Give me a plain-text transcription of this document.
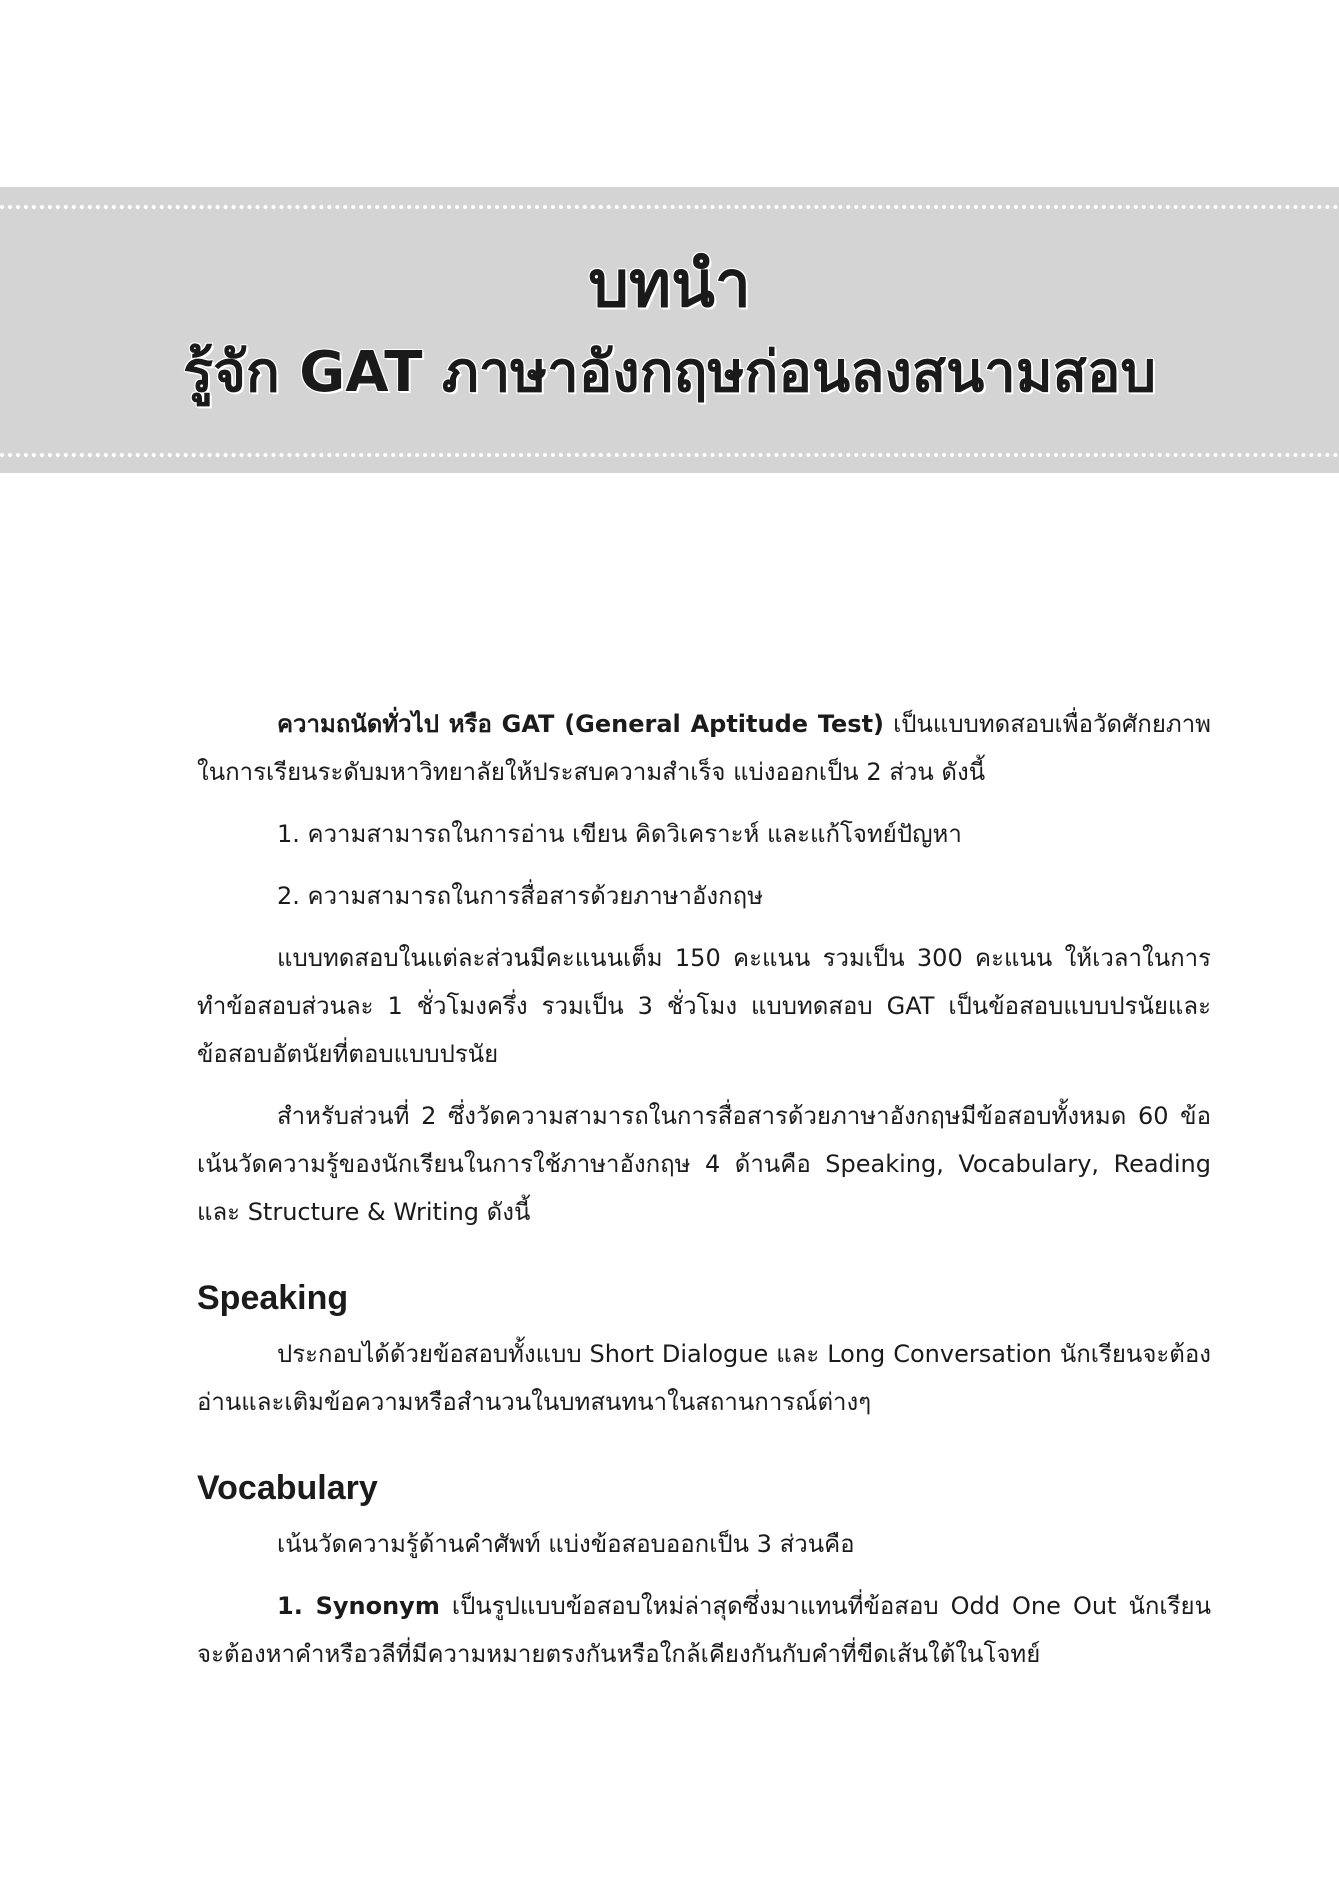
บทนำ
รู้จัก GAT ภาษาอังกฤษก่อนลงสนามสอบ

ความถนัดทั่วไป หรือ GAT (General Aptitude Test) เป็นแบบทดสอบเพื่อวัดศักยภาพในการเรียนระดับมหาวิทยาลัยให้ประสบความสำเร็จ แบ่งออกเป็น 2 ส่วน ดังนี้

1. ความสามารถในการอ่าน เขียน คิดวิเคราะห์ และแก้โจทย์ปัญหา
2. ความสามารถในการสื่อสารด้วยภาษาอังกฤษ

แบบทดสอบในแต่ละส่วนมีคะแนนเต็ม 150 คะแนน รวมเป็น 300 คะแนน ให้เวลาในการทำข้อสอบส่วนละ 1 ชั่วโมงครึ่ง รวมเป็น 3 ชั่วโมง แบบทดสอบ GAT เป็นข้อสอบแบบปรนัยและข้อสอบอัตนัยที่ตอบแบบปรนัย

สำหรับส่วนที่ 2 ซึ่งวัดความสามารถในการสื่อสารด้วยภาษาอังกฤษมีข้อสอบทั้งหมด 60 ข้อ เน้นวัดความรู้ของนักเรียนในการใช้ภาษาอังกฤษ 4 ด้านคือ Speaking, Vocabulary, Reading และ Structure & Writing ดังนี้

Speaking

ประกอบได้ด้วยข้อสอบทั้งแบบ Short Dialogue และ Long Conversation นักเรียนจะต้องอ่านและเติมข้อความหรือสำนวนในบทสนทนาในสถานการณ์ต่างๆ

Vocabulary

เน้นวัดความรู้ด้านคำศัพท์ แบ่งข้อสอบออกเป็น 3 ส่วนคือ

1. Synonym เป็นรูปแบบข้อสอบใหม่ล่าสุดซึ่งมาแทนที่ข้อสอบ Odd One Out นักเรียนจะต้องหาคำหรือวลีที่มีความหมายตรงกันหรือใกล้เคียงกันกับคำที่ขีดเส้นใต้ในโจทย์
